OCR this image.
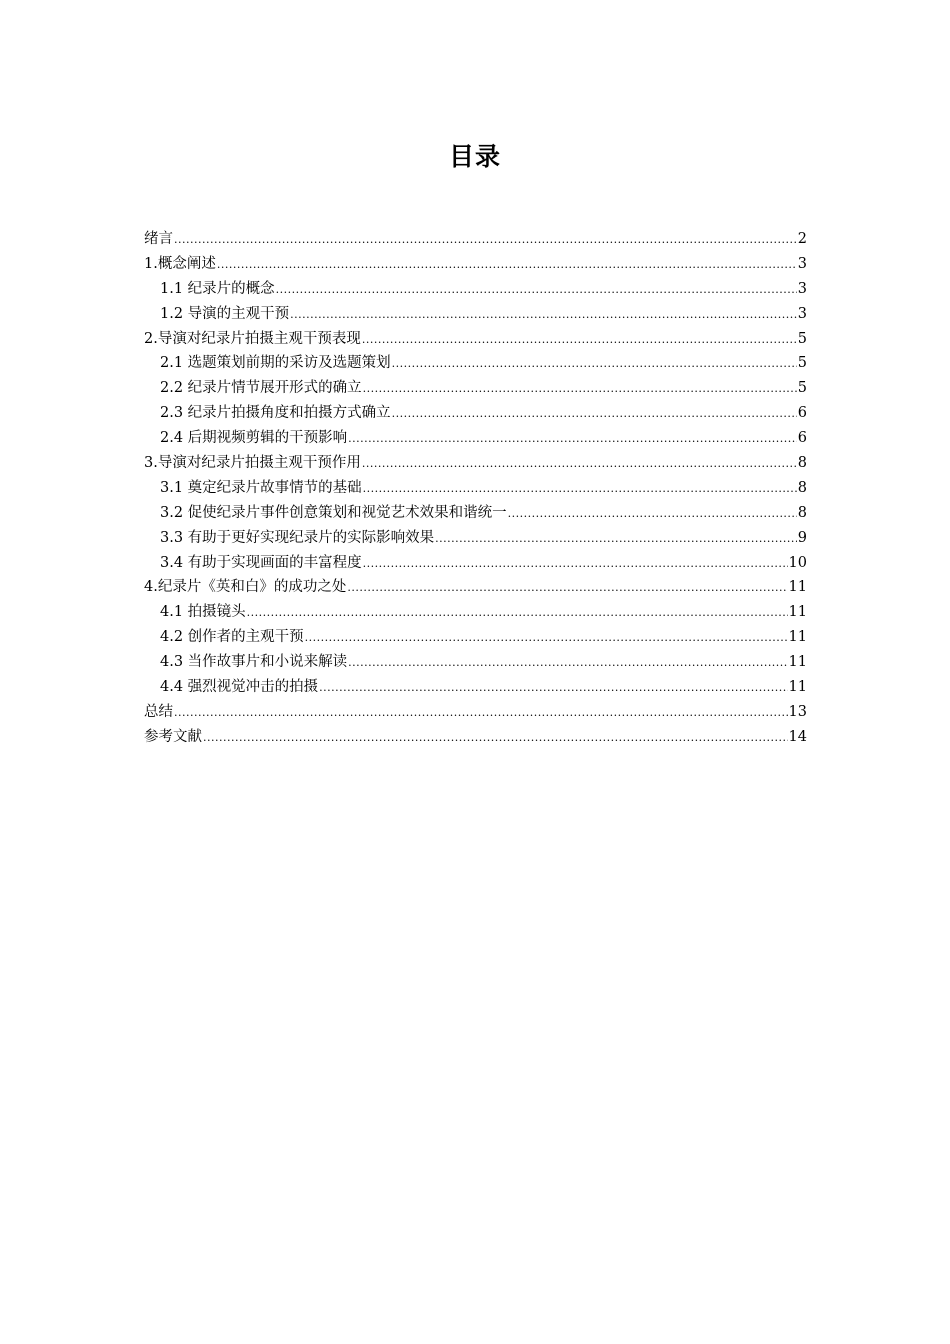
目录
绪言 .....	2
1.概念阐述 .....	3
1.1 纪录片的概念 .....	3
1.2 导演的主观干预 .....	3
2.导演对纪录片拍摄主观干预表现 .....	5
2.1 选题策划前期的采访及选题策划 .....	5
2.2 纪录片情节展开形式的确立 .....	5
2.3 纪录片拍摄角度和拍摄方式确立 .....	6
2.4 后期视频剪辑的干预影响 .....	6
3.导演对纪录片拍摄主观干预作用 .....	8
3.1 奠定纪录片故事情节的基础 .....	8
3.2 促使纪录片事件创意策划和视觉艺术效果和谐统一 .....	8
3.3 有助于更好实现纪录片的实际影响效果 .....	9
3.4 有助于实现画面的丰富程度 .....	10
4.纪录片《英和白》的成功之处 .....	11
4.1 拍摄镜头 .....	11
4.2 创作者的主观干预 .....	11
4.3 当作故事片和小说来解读 .....	11
4.4 强烈视觉冲击的拍摄 .....	11
总结 .....	13
参考文献 .....	14
